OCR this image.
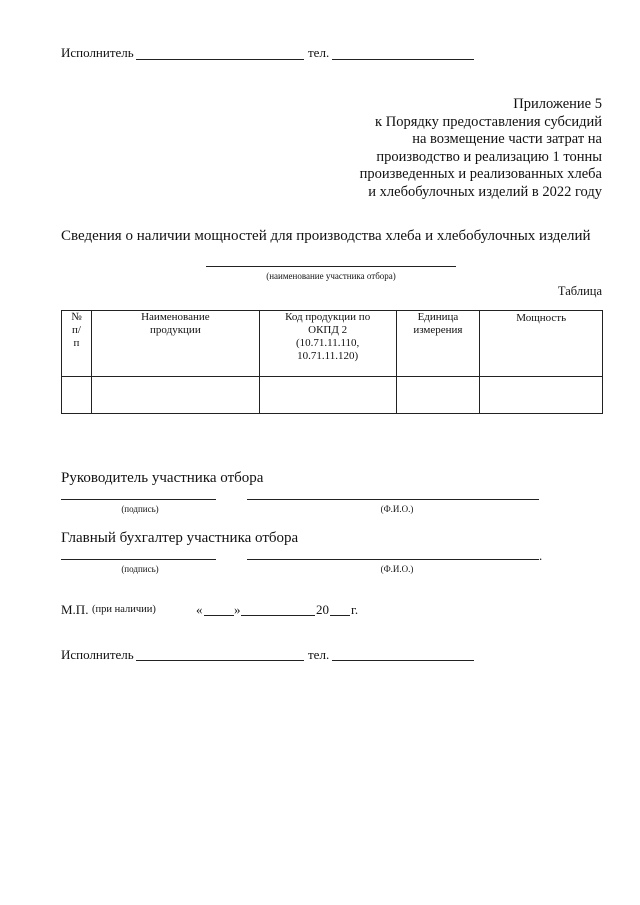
Исполнитель	тел.
Приложение 5
к Порядку предоставления субсидий
на возмещение части затрат на
производство и реализацию 1 тонны
произведенных и реализованных хлеба
и хлебобулочных изделий в 2022 году
Сведения о наличии мощностей для производства хлеба и хлебобулочных изделий
(наименование участника отбора)
Таблица
№ п/п	Наименование продукции	Код продукции по ОКПД 2 (10.71.11.110, 10.71.11.120)	Единица измерения	Мощность

Руководитель участника отбора
(подпись)	(Ф.И.О.)
Главный бухгалтер участника отбора
.
(подпись)	(Ф.И.О.)
М.П. (при наличии)	« »	20 г.
Исполнитель	тел.
